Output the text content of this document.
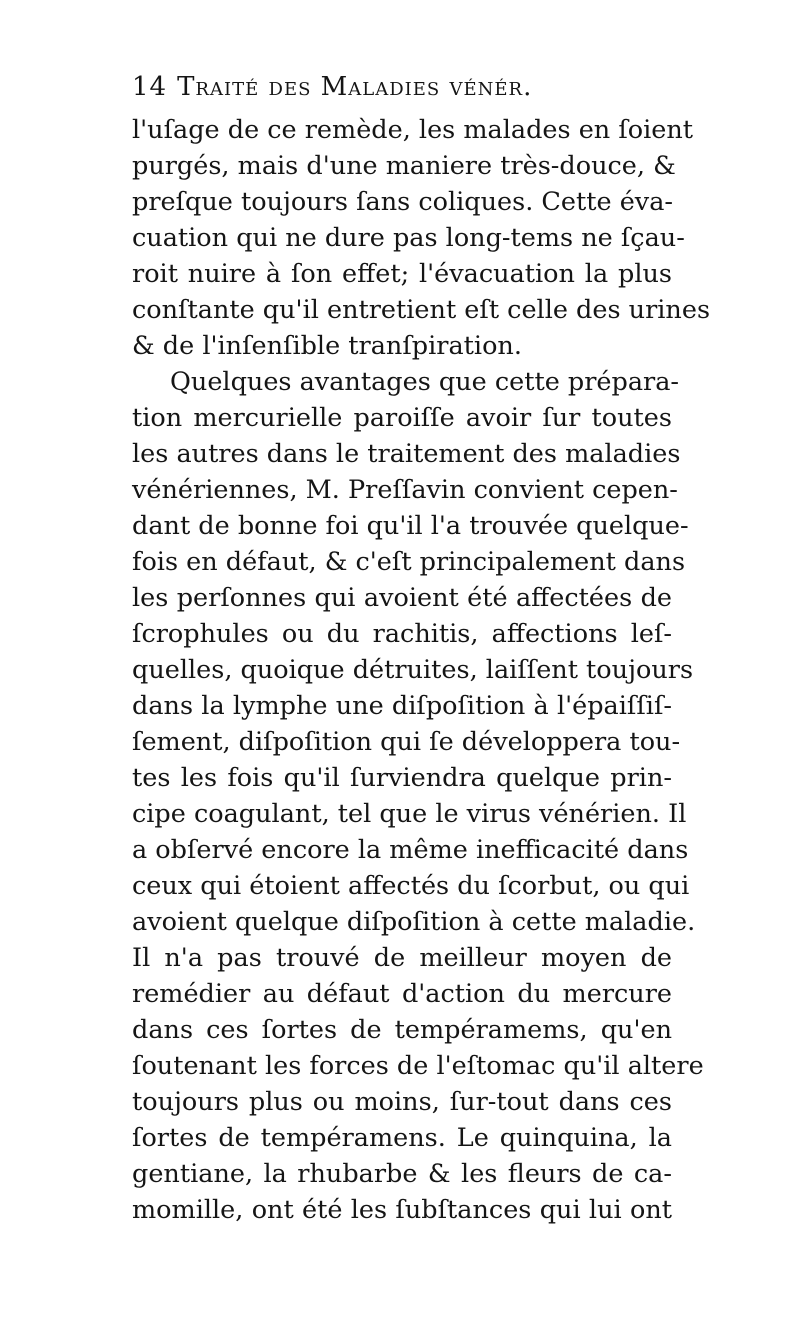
14 Traité des Maladies vénér.
l'uſage de ce remède, les malades en ſoient
purgés, mais d'une maniere très-douce, &
preſque toujours ſans coliques. Cette éva-
cuation qui ne dure pas long-tems ne ſçau-
roit nuire à ſon effet; l'évacuation la plus
conſtante qu'il entretient eſt celle des urines
& de l'inſenſible tranſpiration.
Quelques avantages que cette prépara-
tion mercurielle paroiſſe avoir ſur toutes
les autres dans le traitement des maladies
vénériennes, M. Preſſavin convient cepen-
dant de bonne foi qu'il l'a trouvée quelque-
fois en défaut, & c'eſt principalement dans
les perſonnes qui avoient été affectées de
ſcrophules ou du rachitis, affections leſ-
quelles, quoique détruites, laiſſent toujours
dans la lymphe une diſpoſition à l'épaiſſiſ-
ſement, diſpoſition qui ſe développera tou-
tes les fois qu'il ſurviendra quelque prin-
cipe coagulant, tel que le virus vénérien. Il
a obſervé encore la même inefficacité dans
ceux qui étoient affectés du ſcorbut, ou qui
avoient quelque diſpoſition à cette maladie.
Il n'a pas trouvé de meilleur moyen de
remédier au défaut d'action du mercure
dans ces ſortes de tempéramems, qu'en
ſoutenant les forces de l'eſtomac qu'il altere
toujours plus ou moins, ſur-tout dans ces
ſortes de tempéramens. Le quinquina, la
gentiane, la rhubarbe & les fleurs de ca-
momille, ont été les ſubſtances qui lui ont
